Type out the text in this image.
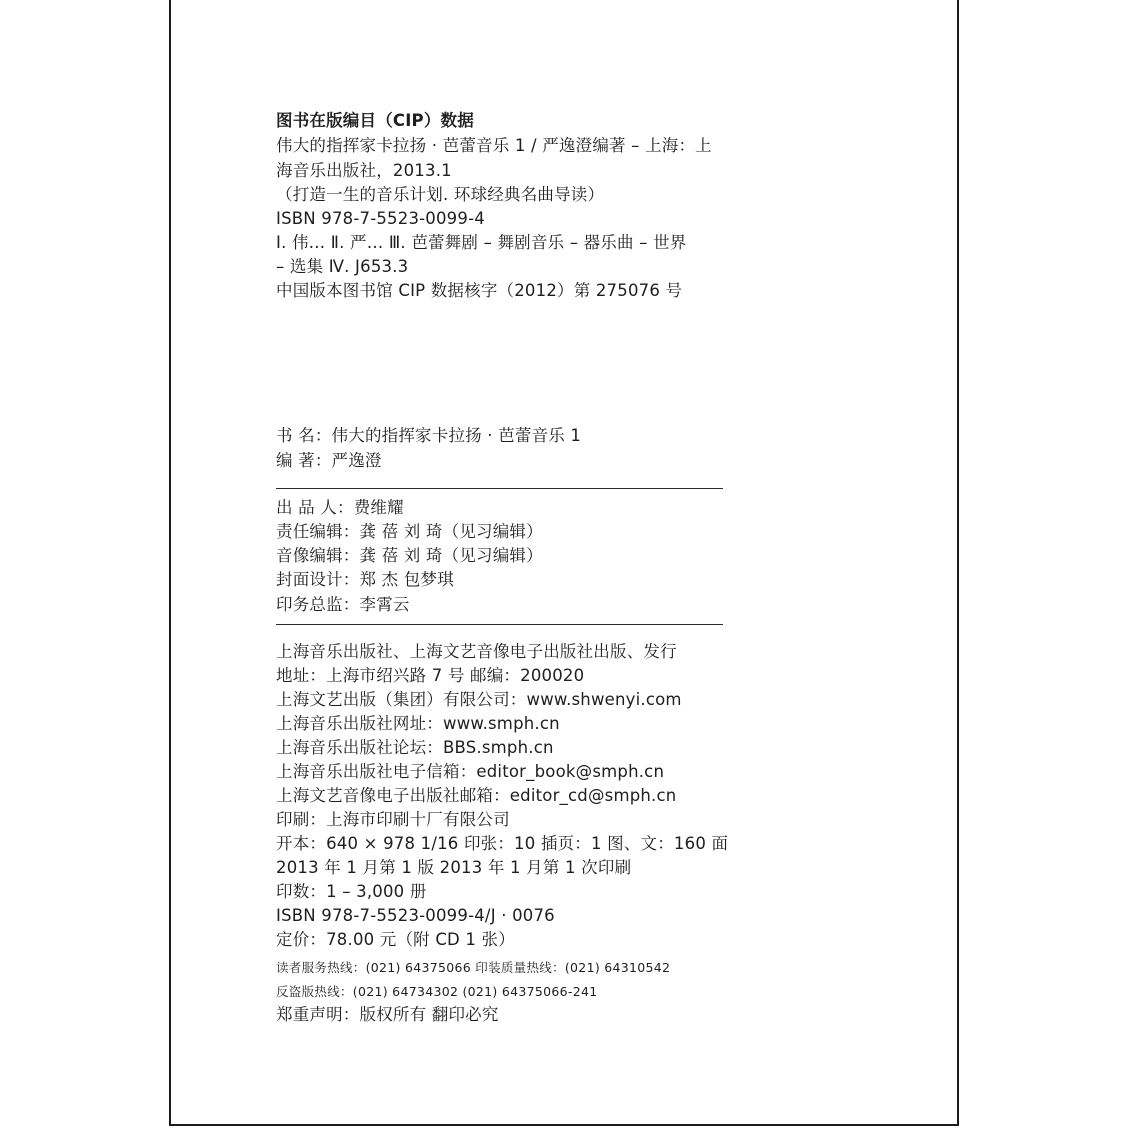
图书在版编目（CIP）数据
伟大的指挥家卡拉扬 · 芭蕾音乐 1 / 严逸澄编著 – 上海：上
海音乐出版社，2013.1
（打造一生的音乐计划. 环球经典名曲导读）
ISBN 978-7-5523-0099-4
Ⅰ. 伟… Ⅱ. 严… Ⅲ. 芭蕾舞剧 – 舞剧音乐 – 器乐曲 – 世界
– 选集 Ⅳ. J653.3
中国版本图书馆 CIP 数据核字（2012）第 275076 号
书 名：伟大的指挥家卡拉扬 · 芭蕾音乐 1
编 著：严逸澄
出 品 人：费维耀
责任编辑：龚 蓓 刘 琦（见习编辑）
音像编辑：龚 蓓 刘 琦（见习编辑）
封面设计：郑 杰 包梦琪
印务总监：李霄云
上海音乐出版社、上海文艺音像电子出版社出版、发行
地址：上海市绍兴路 7 号 邮编：200020
上海文艺出版（集团）有限公司：www.shwenyi.com
上海音乐出版社网址：www.smph.cn
上海音乐出版社论坛：BBS.smph.cn
上海音乐出版社电子信箱：editor_book@smph.cn
上海文艺音像电子出版社邮箱：editor_cd@smph.cn
印刷：上海市印刷十厂有限公司
开本：640 × 978 1/16 印张：10 插页：1 图、文：160 面
2013 年 1 月第 1 版 2013 年 1 月第 1 次印刷
印数：1 – 3,000 册
ISBN 978-7-5523-0099-4/J · 0076
定价：78.00 元（附 CD 1 张）
读者服务热线：(021) 64375066 印装质量热线：(021) 64310542
反盗版热线：(021) 64734302 (021) 64375066-241
郑重声明：版权所有 翻印必究
